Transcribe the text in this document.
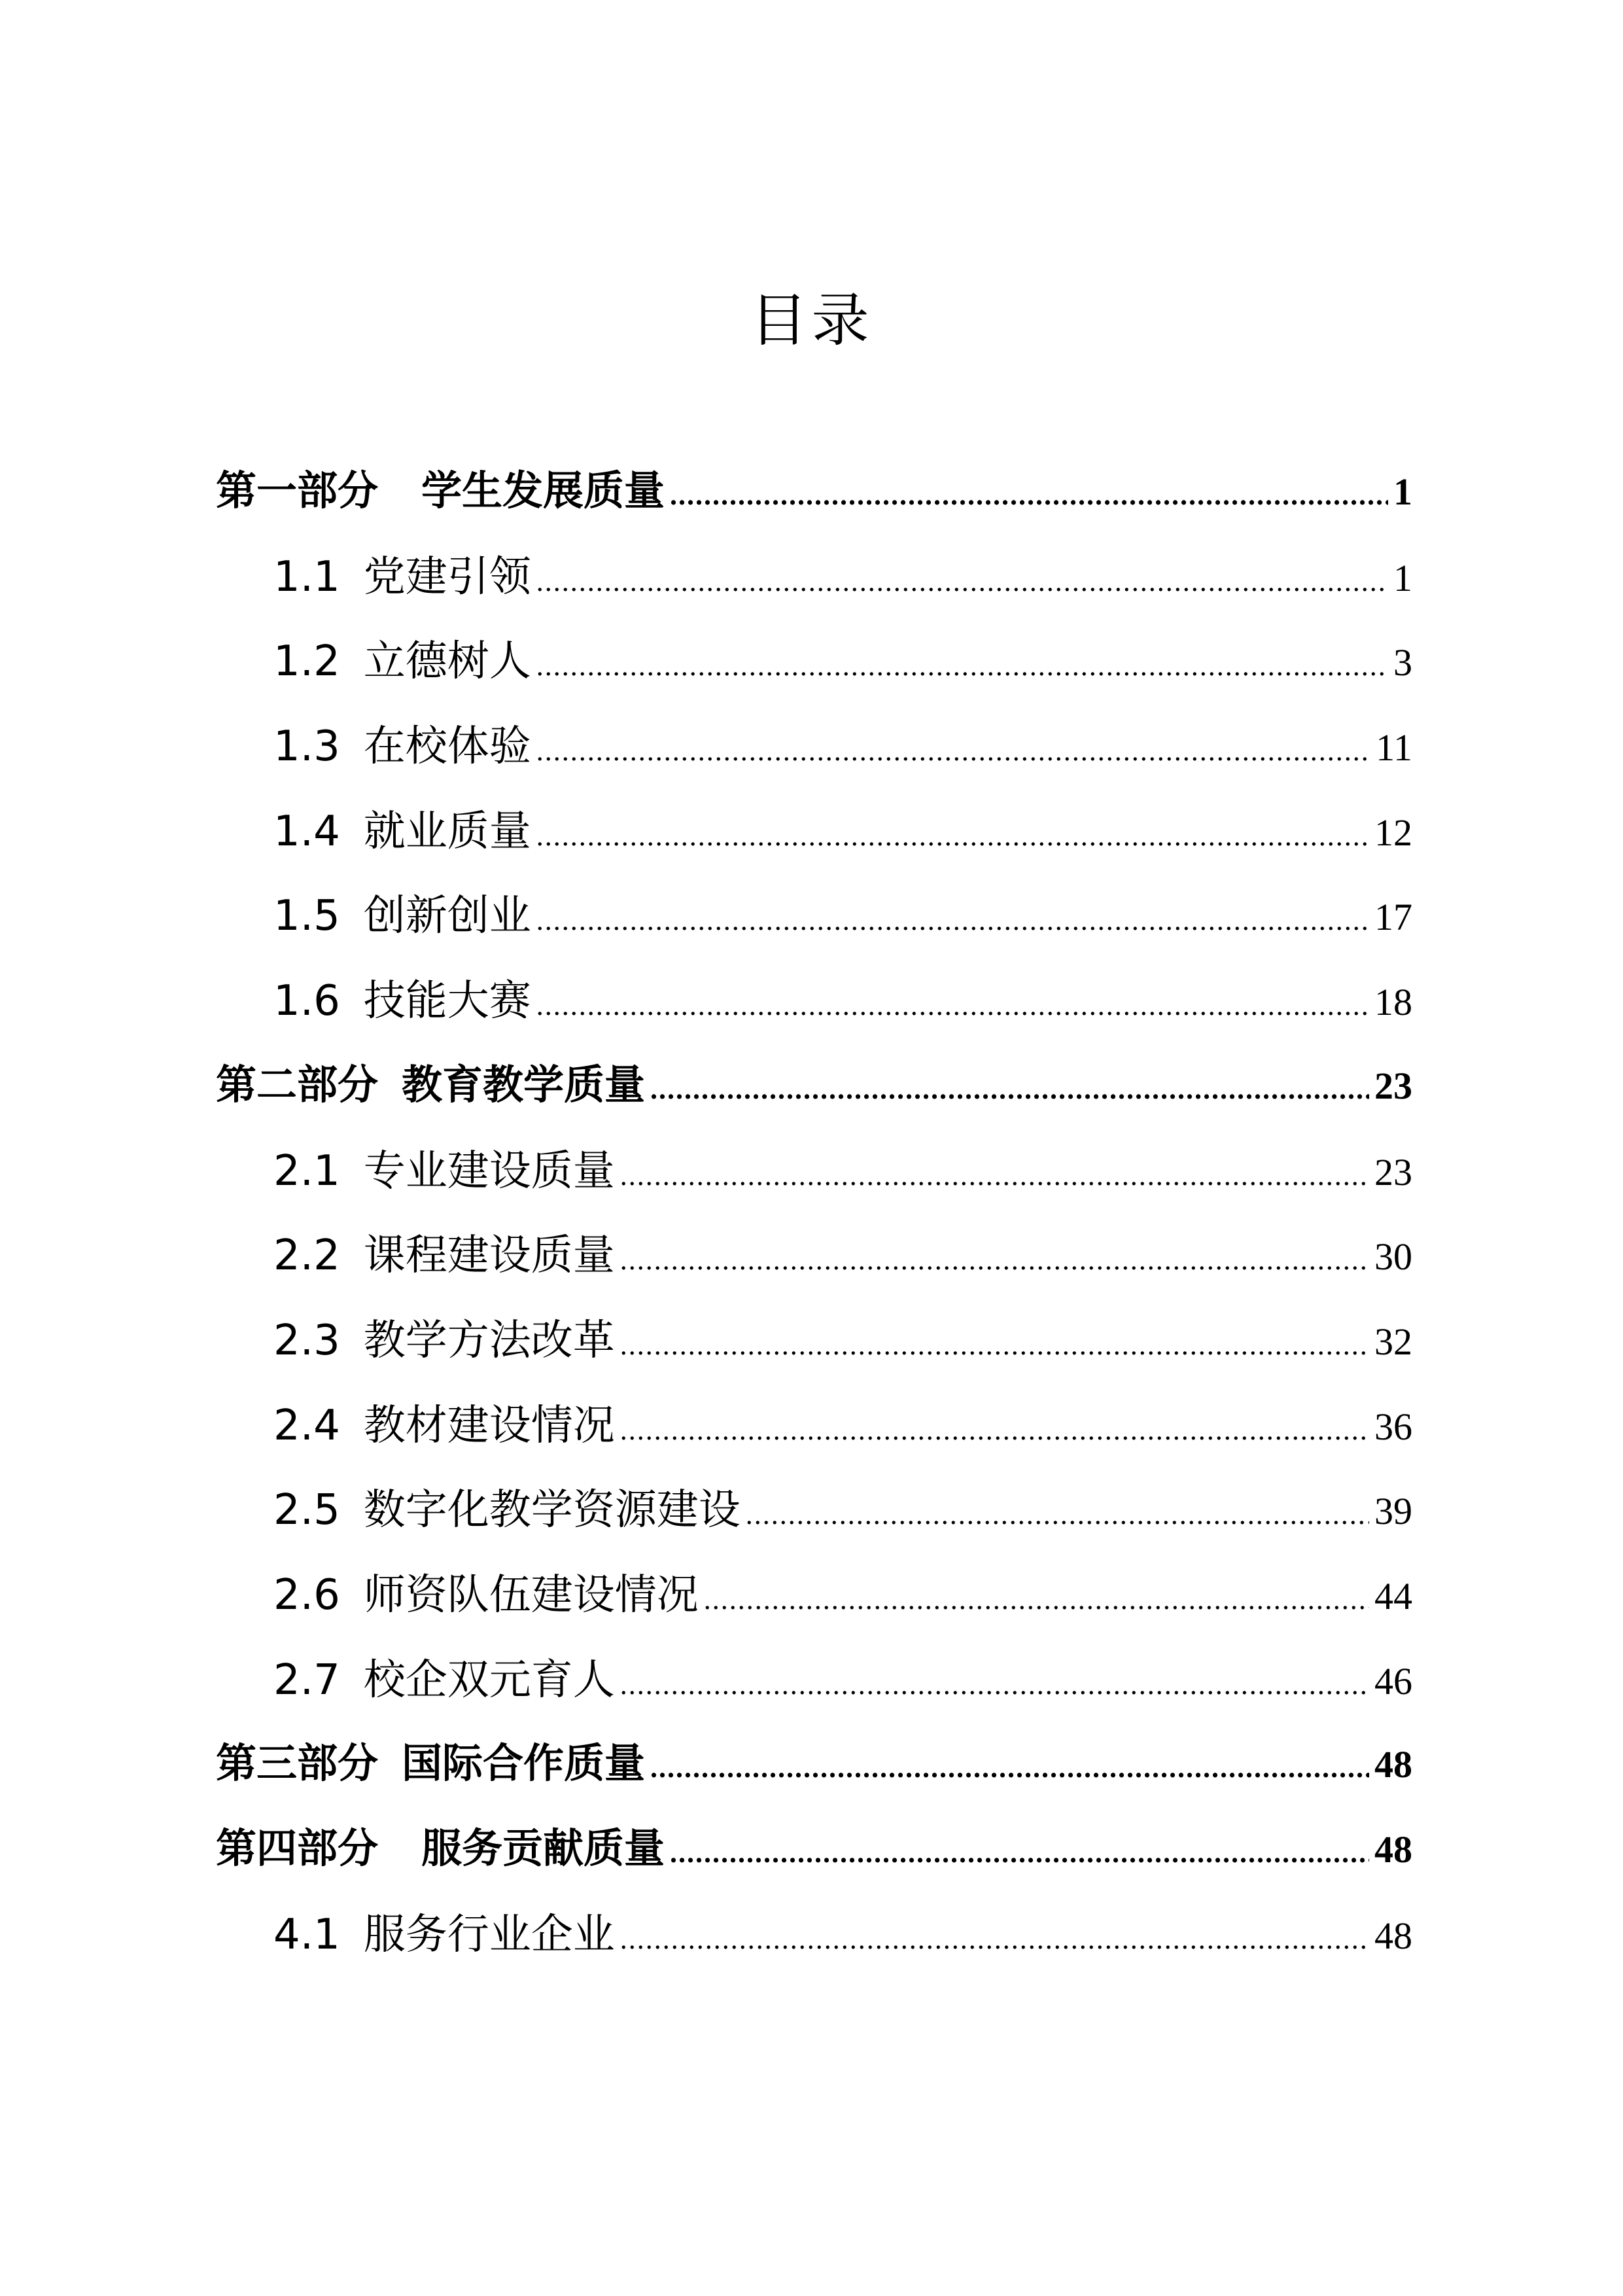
目录
第一部分 学生发展质量 .....	1
1.1 党建引领 .....	1
1.2 立德树人 .....	3
1.3 在校体验 .....	11
1.4 就业质量 .....	12
1.5 创新创业 .....	17
1.6 技能大赛 .....	18
第二部分 教育教学质量 .....	23
2.1 专业建设质量 .....	23
2.2 课程建设质量 .....	30
2.3 教学方法改革 .....	32
2.4 教材建设情况 .....	36
2.5 数字化教学资源建设 .....	39
2.6 师资队伍建设情况 .....	44
2.7 校企双元育人 .....	46
第三部分 国际合作质量 .....	48
第四部分 服务贡献质量 .....	48
4.1 服务行业企业 .....	48
